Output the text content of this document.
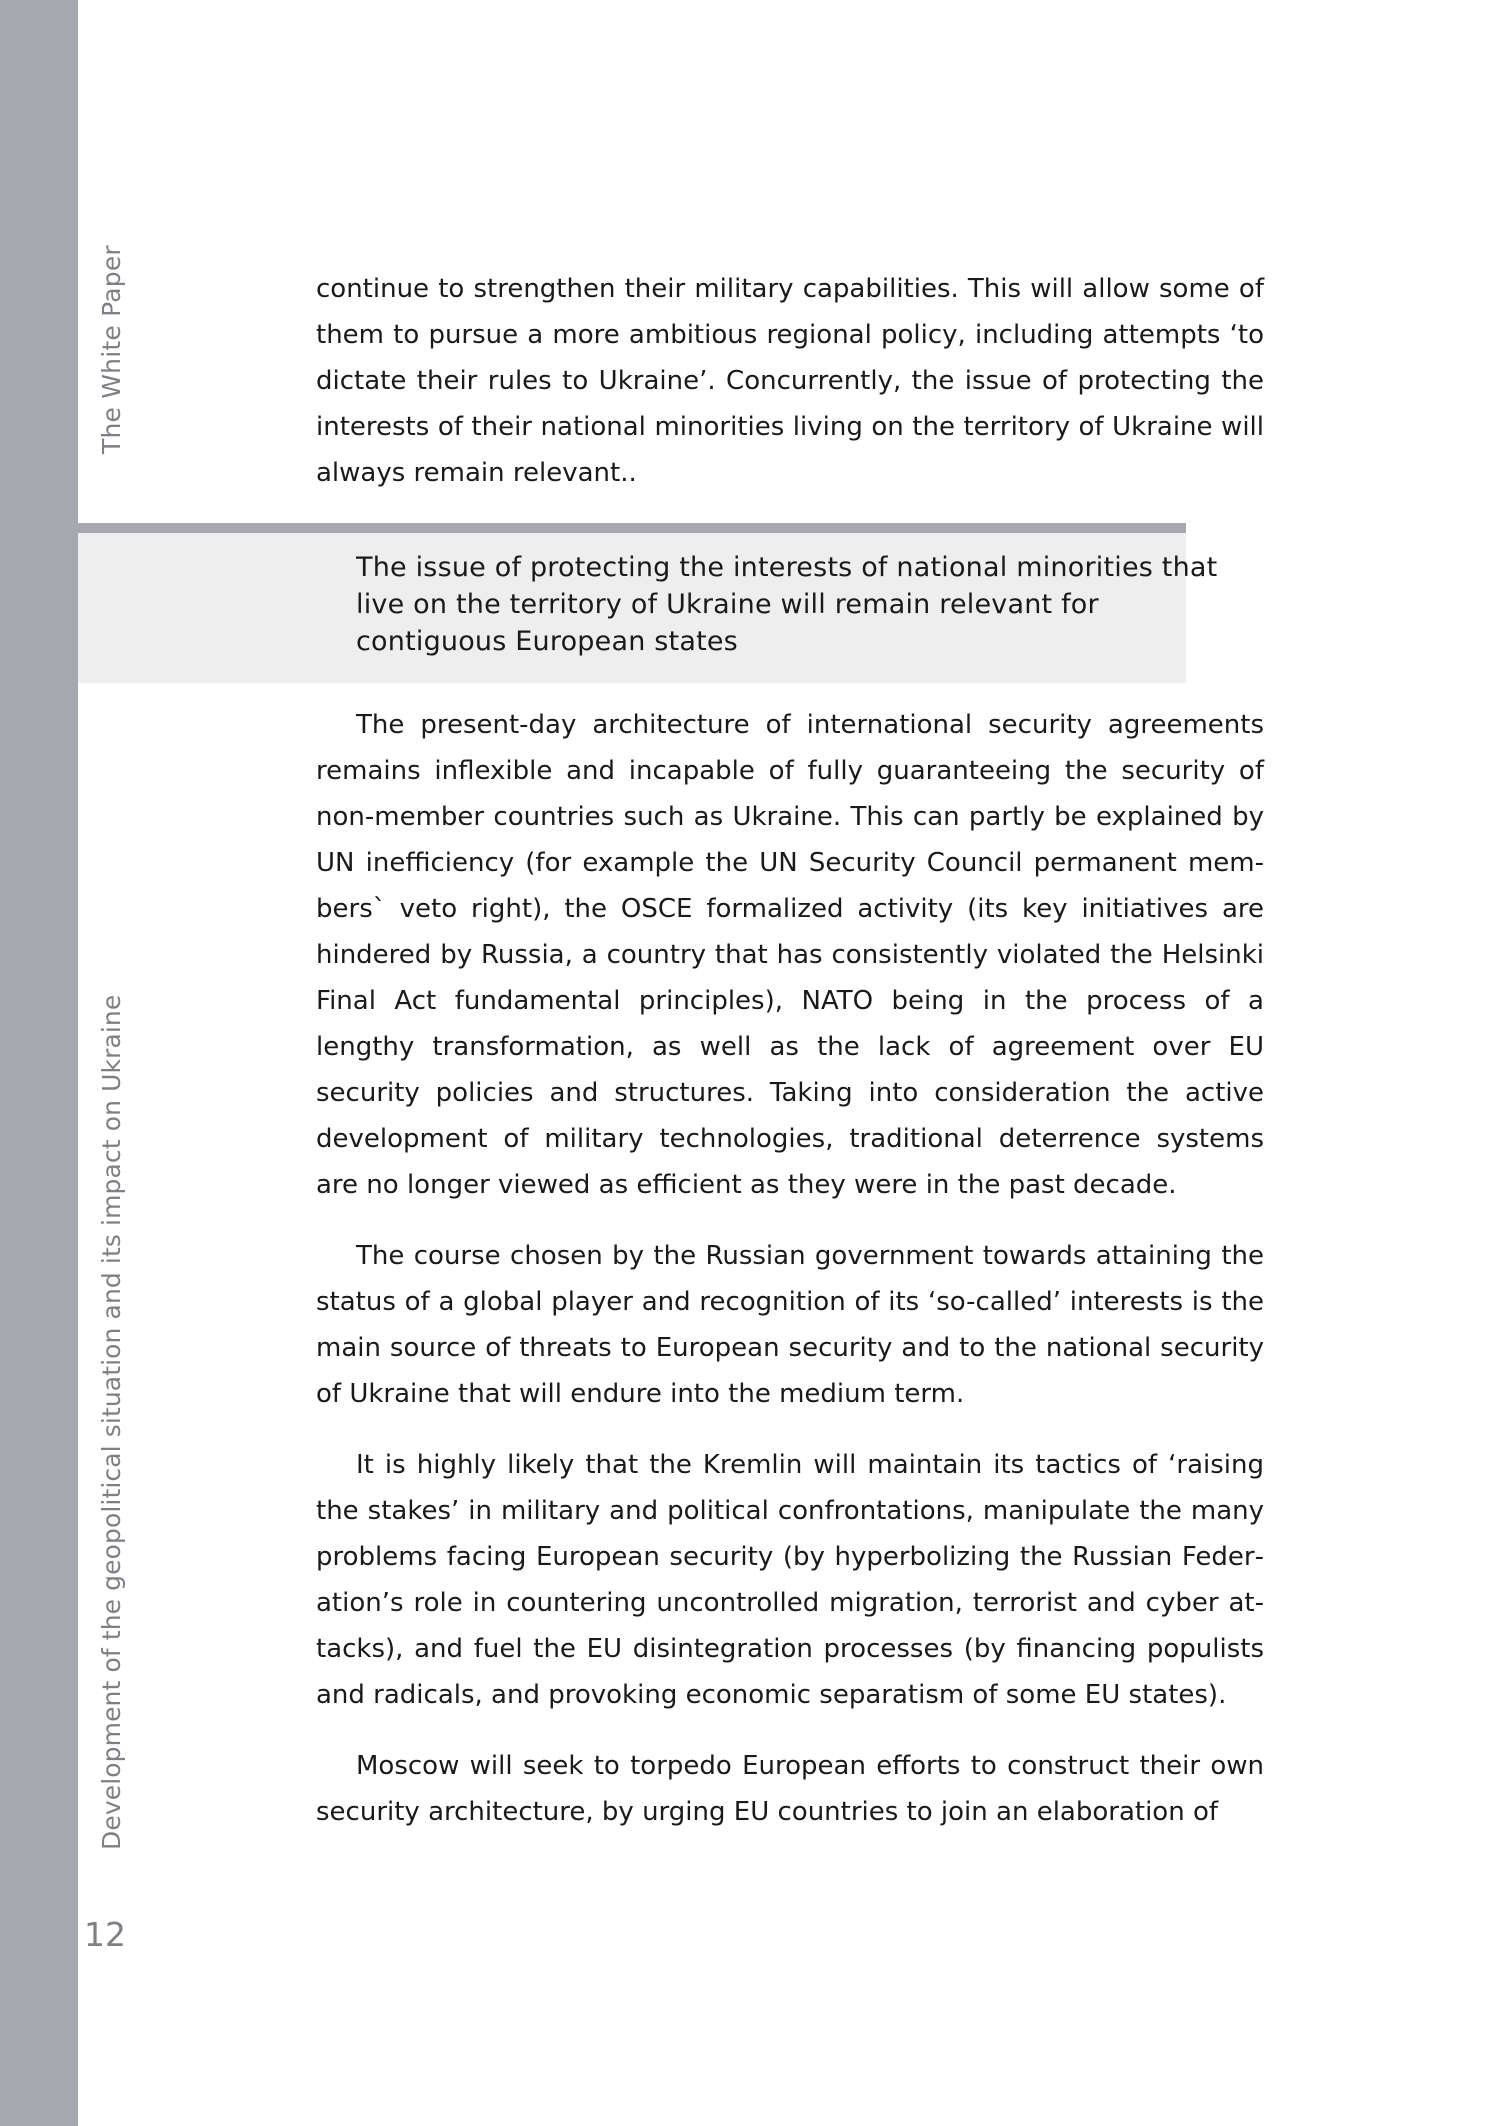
The White Paper
Development of the geopolitical situation and its impact on Ukraine
12

continue to strengthen their military capabilities. This will allow some of them to pursue a more ambitious regional policy, including attempts ‘to dictate their rules to Ukraine’. Concurrently, the issue of protecting the interests of their national minorities living on the territory of Ukraine will always remain relevant..

The issue of protecting the interests of national minorities that live on the territory of Ukraine will remain relevant for contiguous European states

The present-day architecture of international security agreements remains inflexible and incapable of fully guaranteeing the security of non-member countries such as Ukraine. This can partly be explained by UN inefficiency (for example the UN Security Council permanent members` veto right), the OSCE formalized activity (its key initiatives are hindered by Russia, a country that has consistently violated the Helsinki Final Act fundamental principles), NATO being in the process of a lengthy transformation, as well as the lack of agreement over EU security policies and structures. Taking into consideration the active development of military technologies, traditional deterrence systems are no longer viewed as efficient as they were in the past decade.

The course chosen by the Russian government towards attaining the status of a global player and recognition of its ‘so-called’ interests is the main source of threats to European security and to the national security of Ukraine that will endure into the medium term.

It is highly likely that the Kremlin will maintain its tactics of ‘raising the stakes’ in military and political confrontations, manipulate the many problems facing European security (by hyperbolizing the Russian Federation’s role in countering uncontrolled migration, terrorist and cyber attacks), and fuel the EU disintegration processes (by financing populists and radicals, and provoking economic separatism of some EU states).

Moscow will seek to torpedo European efforts to construct their own security architecture, by urging EU countries to join an elaboration of
